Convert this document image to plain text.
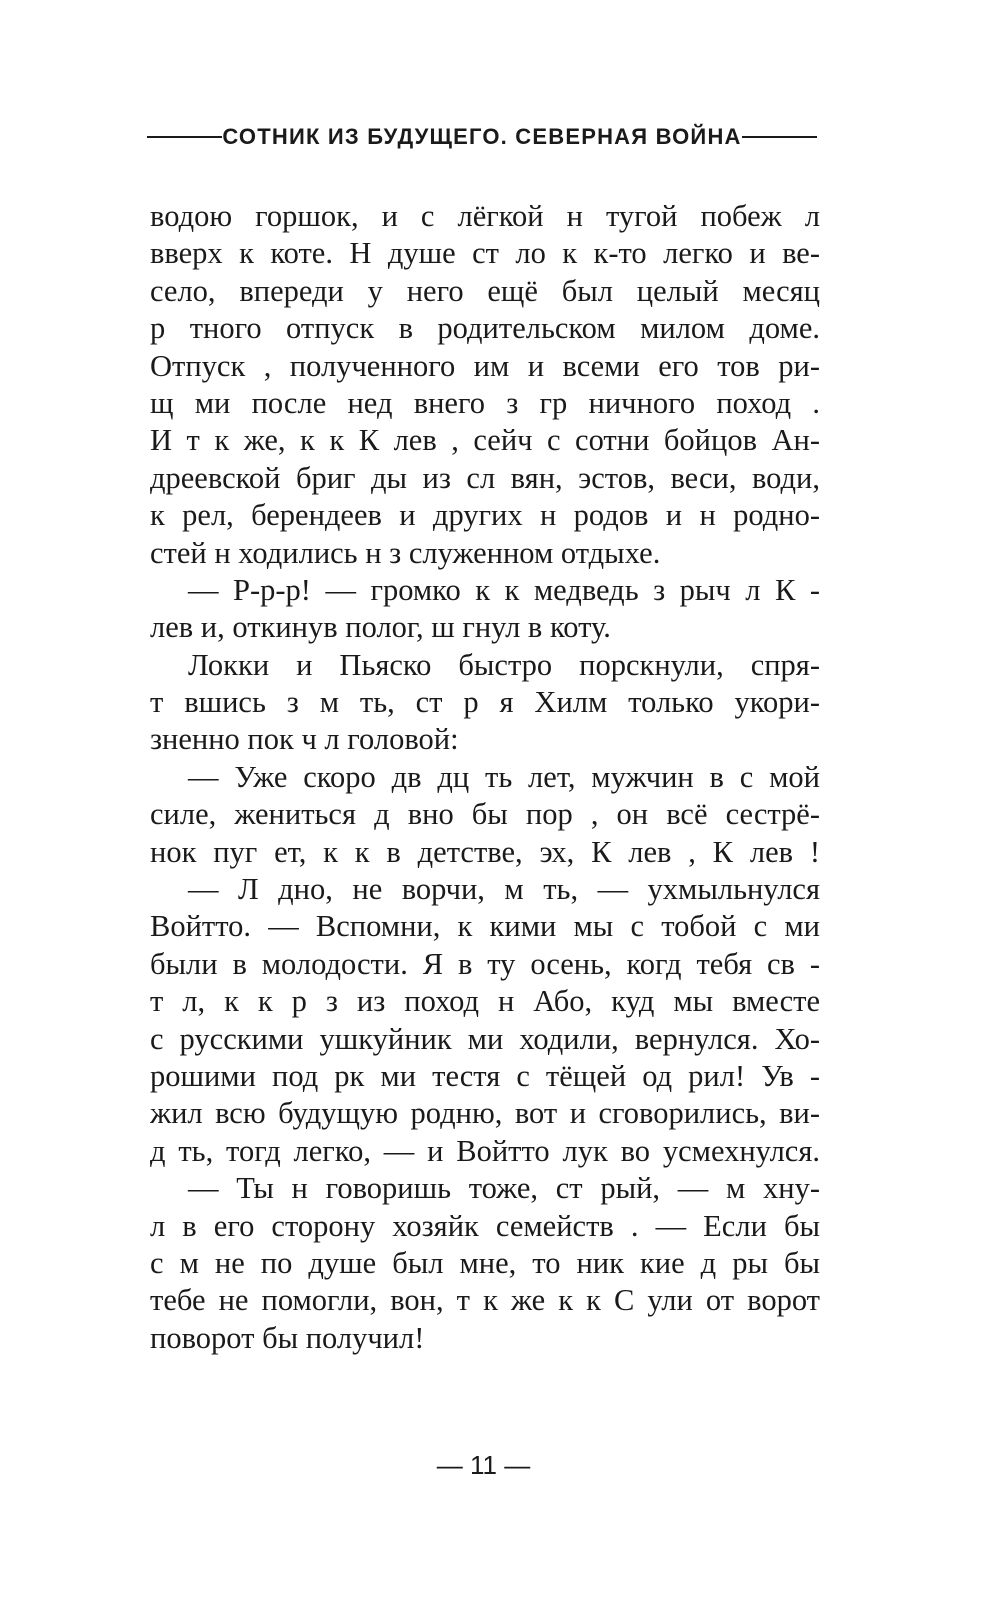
СОТНИК ИЗ БУДУЩЕГО. СЕВЕРНАЯ ВОЙНА
водою горшок, и с лёгкой н тугой побеж л
вверх к коте. Н душе ст ло к к-то легко и ве-
село, впереди у него ещё был целый месяц
р тного отпуск в родительском милом доме.
Отпуск , полученного им и всеми его тов ри-
щ ми после нед внего з гр ничного поход .
И т к же, к к К лев , сейч с сотни бойцов Ан-
дреевской бриг ды из сл вян, эстов, веси, води,
к рел, берендеев и других н родов и н родно-
стей н ходились н з служенном отдыхе.
— Р-р-р! — громко к к медведь з рыч л К -
лев и, откинув полог, ш гнул в коту.
Локки и Пьяско быстро порскнули, спря-
т вшись з м ть, ст р я Хилм только укори-
зненно пок ч л головой:
— Уже скоро дв дц ть лет, мужчин в с мой
силе, жениться д вно бы пор , он всё сестрё-
нок пуг ет, к к в детстве, эх, К лев , К лев !
— Л дно, не ворчи, м ть, — ухмыльнулся
Войтто. — Вспомни, к кими мы с тобой с ми
были в молодости. Я в ту осень, когд тебя св -
т л, к к р з из поход н Або, куд мы вместе
с русскими ушкуйник ми ходили, вернулся. Хо-
рошими под рк ми тестя с тёщей од рил! Ув -
жил всю будущую родню, вот и сговорились, ви-
д ть, тогд легко, — и Войтто лук во усмехнулся.
— Ты н говоришь тоже, ст рый, — м хну-
л в его сторону хозяйк семейств . — Если бы
с м не по душе был мне, то ник кие д ры бы
тебе не помогли, вон, т к же к к С ули от ворот
поворот бы получил!
— 11 —
